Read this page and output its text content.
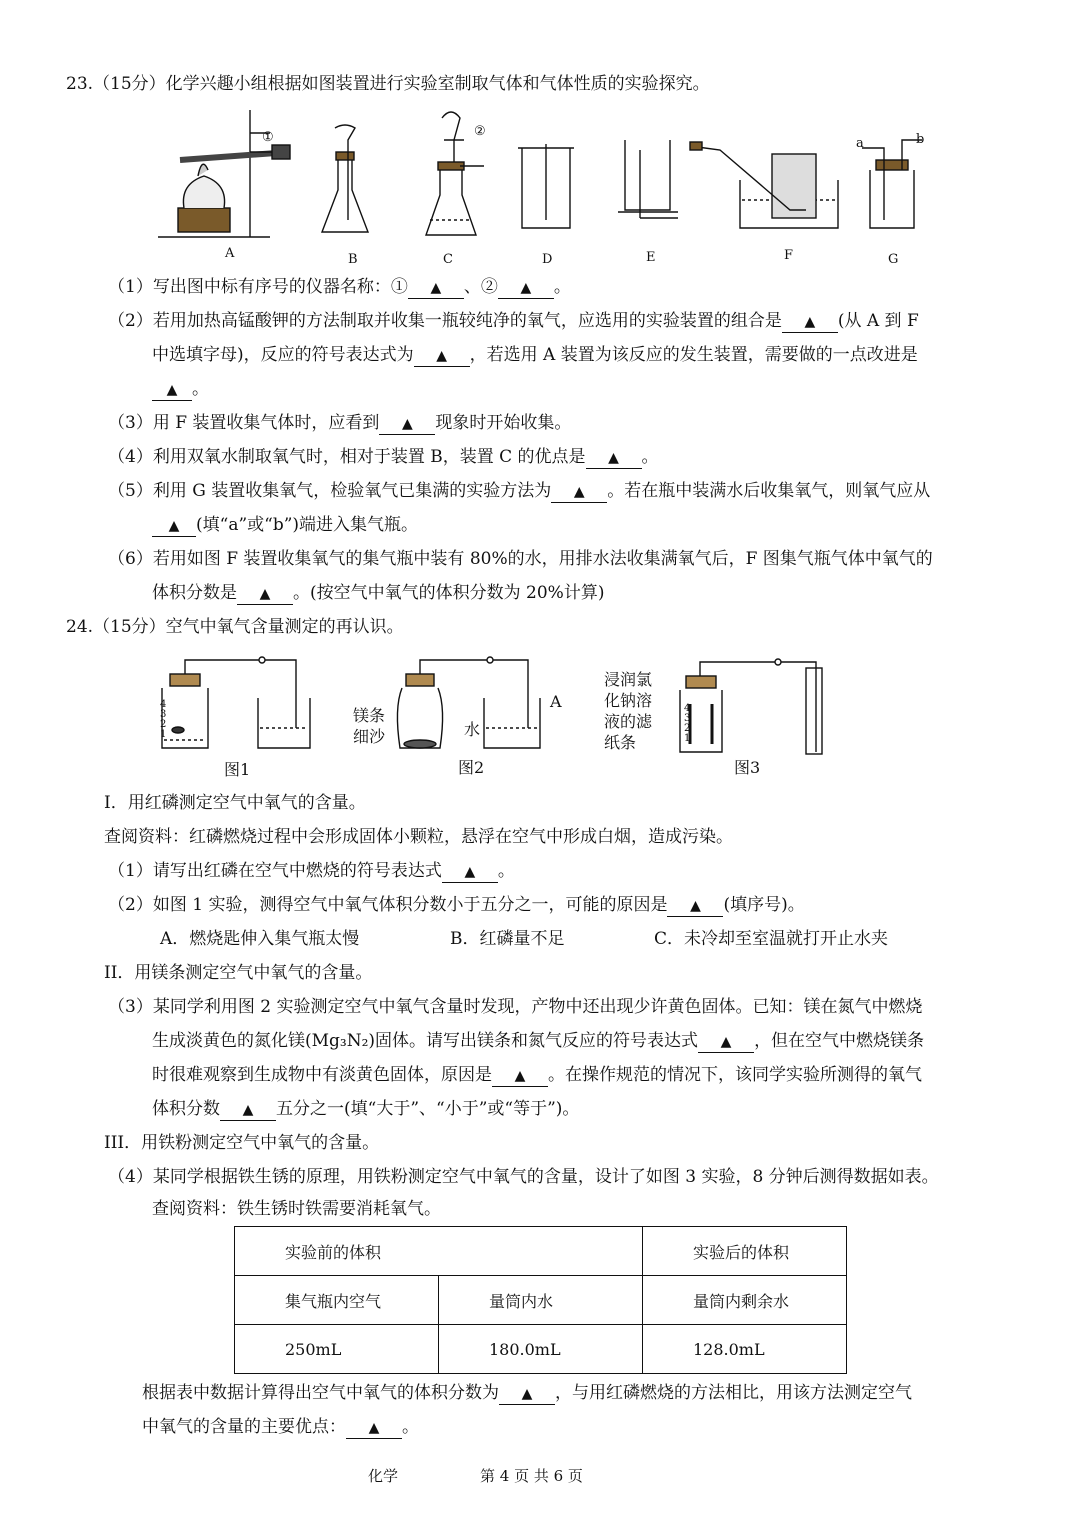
23.（15分）化学兴趣小组根据如图装置进行实验室制取气体和气体性质的实验探究。
A	B	C	D	E	F	G
①	②
a	b
（1）写出图中标有序号的仪器名称：① ▲ 、② ▲ 。
（2）若用加热高锰酸钾的方法制取并收集一瓶较纯净的氧气，应选用的实验装置的组合是 ▲ (从 A 到 F
中选填字母)，反应的符号表达式为 ▲ ，若选用 A 装置为该反应的发生装置，需要做的一点改进是
▲ 。
（3）用 F 装置收集气体时，应看到 ▲ 现象时开始收集。
（4）利用双氧水制取氧气时，相对于装置 B，装置 C 的优点是 ▲ 。
（5）利用 G 装置收集氧气，检验氧气已集满的实验方法为 ▲ 。若在瓶中装满水后收集氧气，则氧气应从
▲ (填“a”或“b”)端进入集气瓶。
（6）若用如图 F 装置收集氧气的集气瓶中装有 80%的水，用排水法收集满氧气后，F 图集气瓶气体中氧气的
体积分数是 ▲ 。(按空气中氧气的体积分数为 20%计算)
24.（15分）空气中氧气含量测定的再认识。
图1	图2	图3
镁条
细沙	水
A
浸润氯
化钠溶
液的滤
纸条
4
3
2
1
4
3
2
1
I．用红磷测定空气中氧气的含量。
查阅资料：红磷燃烧过程中会形成固体小颗粒，悬浮在空气中形成白烟，造成污染。
（1）请写出红磷在空气中燃烧的符号表达式 ▲ 。
（2）如图 1 实验，测得空气中氧气体积分数小于五分之一，可能的原因是 ▲ (填序号)。
A．燃烧匙伸入集气瓶太慢	B．红磷量不足	C．未冷却至室温就打开止水夹
II．用镁条测定空气中氧气的含量。
（3）某同学利用图 2 实验测定空气中氧气含量时发现，产物中还出现少许黄色固体。已知：镁在氮气中燃烧
生成淡黄色的氮化镁(Mg₃N₂)固体。请写出镁条和氮气反应的符号表达式 ▲ ，但在空气中燃烧镁条
时很难观察到生成物中有淡黄色固体，原因是 ▲ 。在操作规范的情况下，该同学实验所测得的氧气
体积分数 ▲ 五分之一(填“大于”、“小于”或“等于”)。
III．用铁粉测定空气中氧气的含量。
（4）某同学根据铁生锈的原理，用铁粉测定空气中氧气的含量，设计了如图 3 实验，8 分钟后测得数据如表。
查阅资料：铁生锈时铁需要消耗氧气。
实验前的体积		实验后的体积
集气瓶内空气	量筒内水	量筒内剩余水
250mL	180.0mL	128.0mL
根据表中数据计算得出空气中氧气的体积分数为 ▲ ，与用红磷燃烧的方法相比，用该方法测定空气
中氧气的含量的主要优点： ▲ 。
化学	第 4 页 共 6 页
